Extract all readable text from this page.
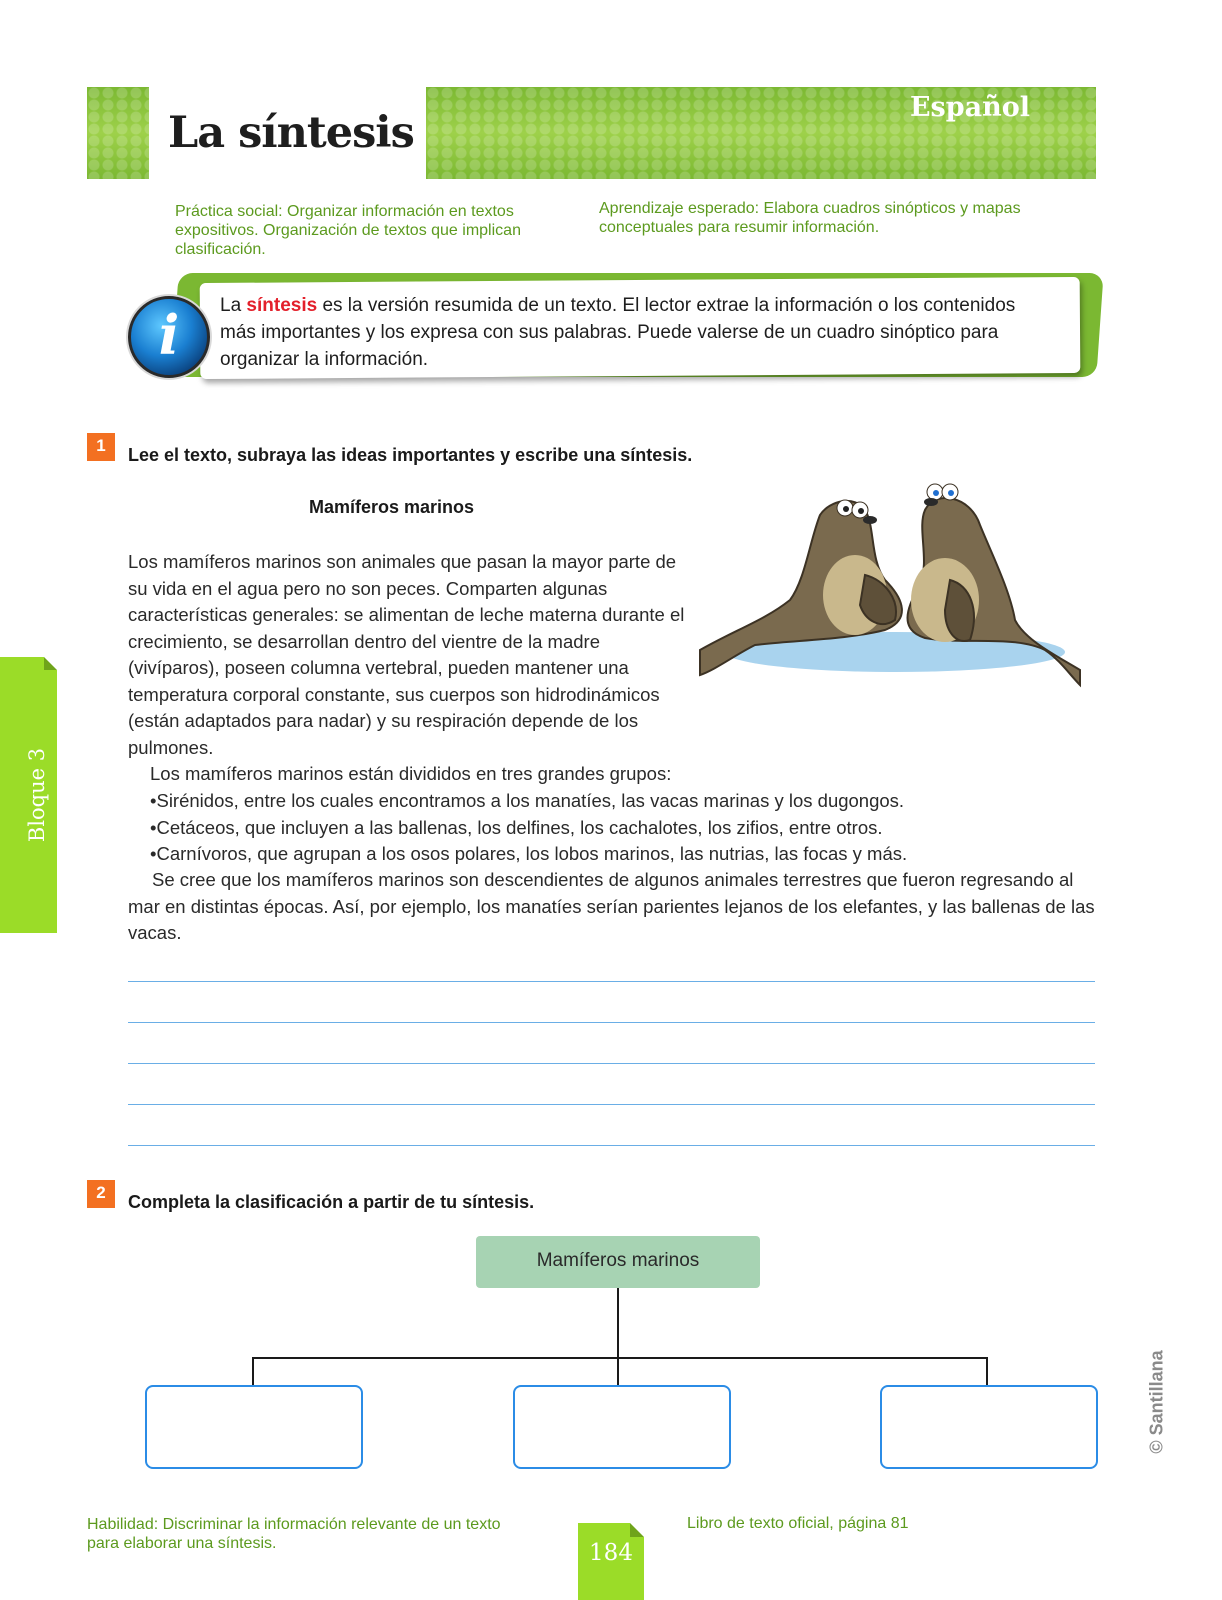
La síntesis
Español
Práctica social: Organizar información en textos expositivos. Organización de textos que implican clasificación.
Aprendizaje esperado: Elabora cuadros sinópticos y mapas conceptuales para resumir información.
i	La síntesis es la versión resumida de un texto. El lector extrae la información o los contenidos más importantes y los expresa con sus palabras. Puede valerse de un cuadro sinóptico para organizar la información.
1	Lee el texto, subraya las ideas importantes y escribe una síntesis.
Mamíferos marinos
Los mamíferos marinos son animales que pasan la mayor parte de su vida en el agua pero no son peces. Comparten algunas características generales: se alimentan de leche materna durante el crecimiento, se desarrollan dentro del vientre de la madre (vivíparos), poseen columna vertebral, pueden mantener una temperatura corporal constante, sus cuerpos son hidrodinámicos (están adaptados para nadar) y su respiración depende de los pulmones.
Los mamíferos marinos están divididos en tres grandes grupos:
• Sirénidos, entre los cuales encontramos a los manatíes, las vacas marinas y los dugongos.
• Cetáceos, que incluyen a las ballenas, los delfines, los cachalotes, los zifios, entre otros.
• Carnívoros, que agrupan a los osos polares, los lobos marinos, las nutrias, las focas y más.
Se cree que los mamíferos marinos son descendientes de algunos animales terrestres que fueron regresando al mar en distintas épocas. Así, por ejemplo, los manatíes serían parientes lejanos de los elefantes, y las ballenas de las vacas.
2	Completa la clasificación a partir de tu síntesis.
Mamíferos marinos
Bloque 3
© Santillana
Habilidad: Discriminar la información relevante de un texto para elaborar una síntesis.
Libro de texto oficial, página 81
184
